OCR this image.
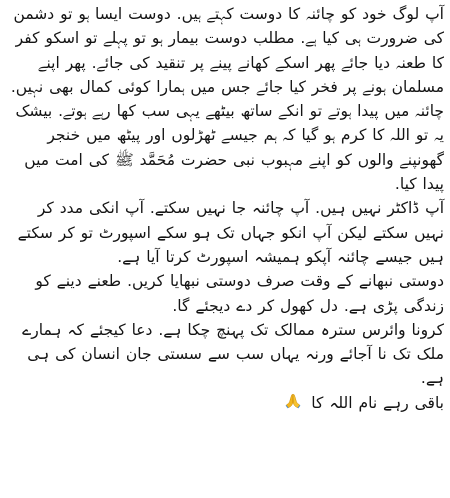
آپ لوگ خود کو چائنہ کا دوست کہتے ہیں. دوست ایسا ہو تو دشمن کی ضرورت ہی کیا ہے. مطلب دوست بیمار ہو تو پہلے تو اسکو کفر کا طعنہ دیا جائے پھر اسکے کھانے پینے پر تنقید کی جائے. پھر اپنے مسلمان ہونے پر فخر کیا جائے جس میں ہمارا کوئی کمال بھی نہیں. چائنہ میں پیدا ہوتے تو انکے ساتھ بیٹھے یہی سب کھا رہے ہوتے. بیشک یہ تو اللہ کا کرم ہو گیا کہ ہم جیسے ٹھڑلوں اور پیٹھ میں خنجر گھونپنے والوں کو اپنے مہبوب نبی حضرت مُحَمَّد ﷺ کی امت میں پیدا کیا.

آپ ڈاکٹر نہیں ہیں. آپ چائنہ جا نہیں سکتے. آپ انکی مدد کر نہیں سکتے لیکن آپ انکو جہاں تک ہو سکے اسپورٹ تو کر سکتے ہیں جیسے چائنہ آپکو ہمیشہ اسپورٹ کرتا آیا ہے.

دوستی نبھانے کے وقت صرف دوستی نبھایا کریں. طعنے دینے کو زندگی پڑی ہے. دل کھول کر دے دیجئے گا.

کرونا وائرس سترہ ممالک تک پہنچ چکا ہے. دعا کیجئے کہ ہمارے ملک تک نا آجائے ورنہ یہاں سب سے سستی جان انسان کی ہی ہے.

باقی رہے نام اللہ کا
